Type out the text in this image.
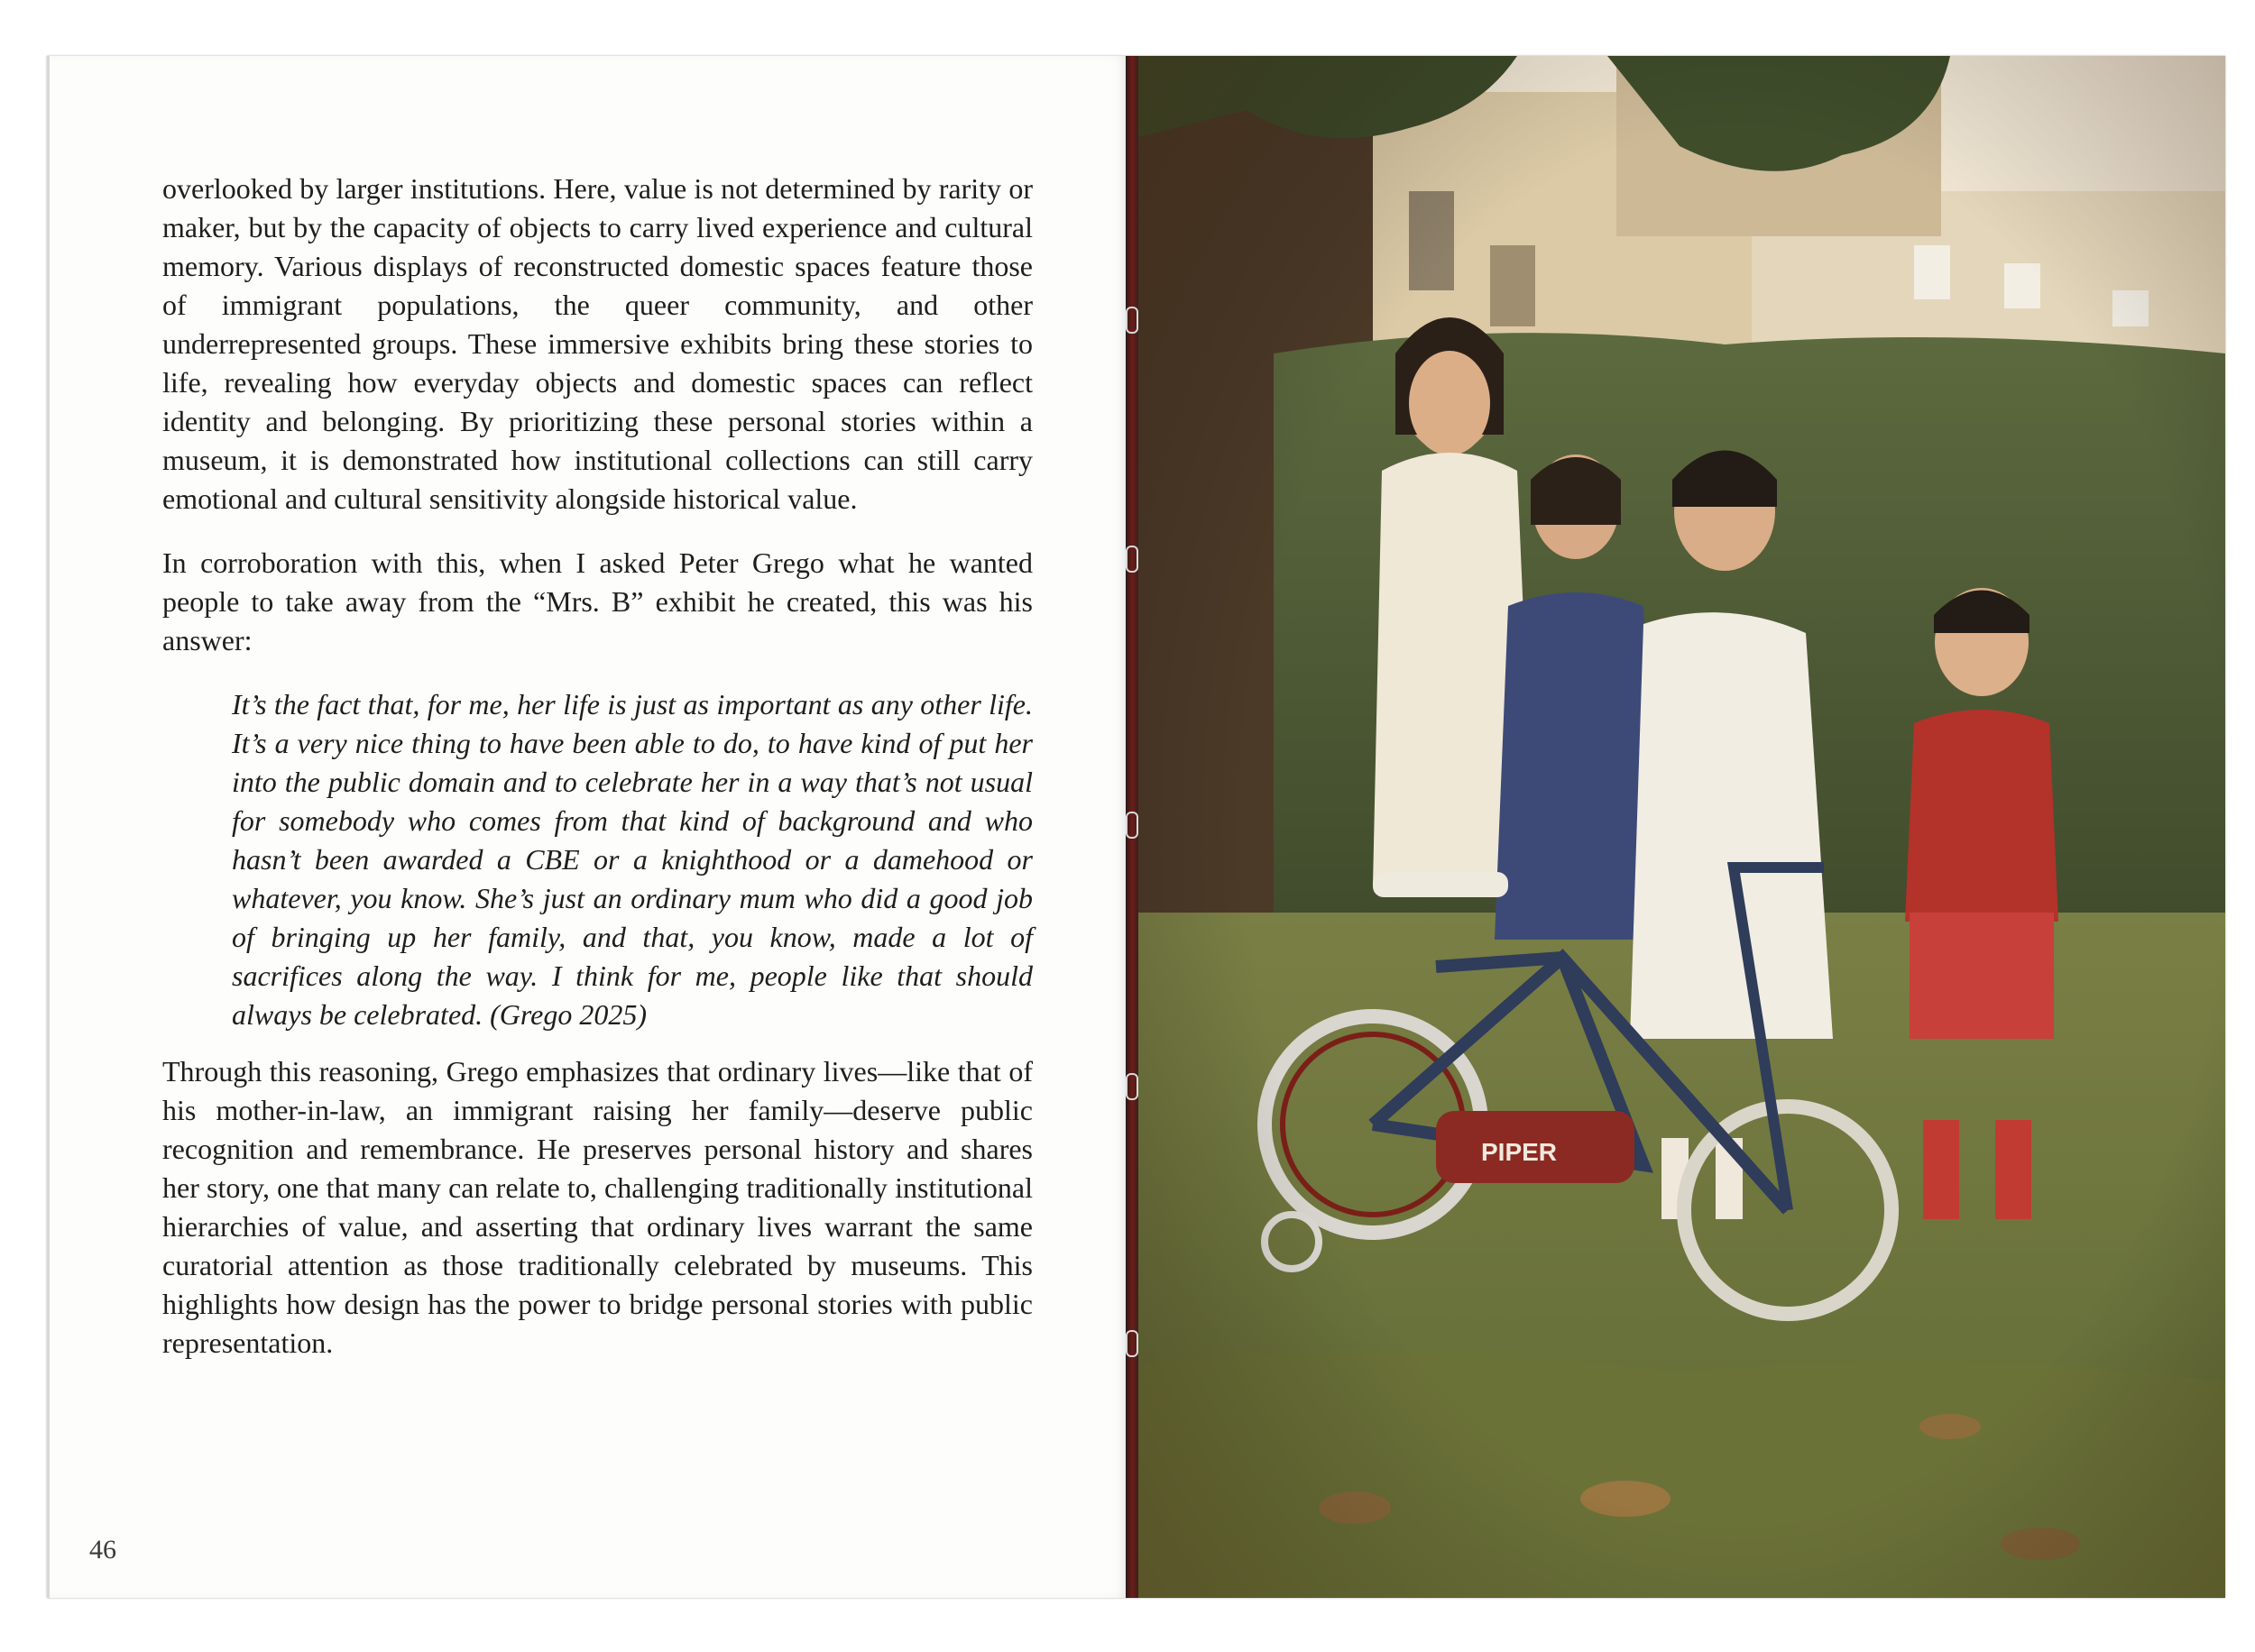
overlooked by larger institutions. Here, value is not determined by rarity or maker, but by the capacity of objects to carry lived experience and cultural memory. Various displays of reconstructed domestic spaces feature those of immigrant populations, the queer community, and other underrepresented groups. These immersive exhibits bring these stories to life, revealing how everyday objects and domestic spaces can reflect identity and belonging. By prioritizing these personal stories within a museum, it is demonstrated how institutional collections can still carry emotional and cultural sensitivity alongside historical value.

In corroboration with this, when I asked Peter Grego what he wanted people to take away from the “Mrs. B” exhibit he created, this was his answer:

It’s the fact that, for me, her life is just as important as any other life. It’s a very nice thing to have been able to do, to have kind of put her into the public domain and to celebrate her in a way that’s not usual for somebody who comes from that kind of background and who hasn’t been awarded a CBE or a knighthood or a damehood or whatever, you know. She’s just an ordinary mum who did a good job of bringing up her family, and that, you know, made a lot of sacrifices along the way. I think for me, people like that should always be celebrated. (Grego 2025)

Through this reasoning, Grego emphasizes that ordinary lives—like that of his mother-in-law, an immigrant raising her family—deserve public recognition and remembrance. He preserves personal history and shares her story, one that many can relate to, challenging traditionally institutional hierarchies of value, and asserting that ordinary lives warrant the same curatorial attention as those traditionally celebrated by museums. This highlights how design has the power to bridge personal stories with public representation.

46
